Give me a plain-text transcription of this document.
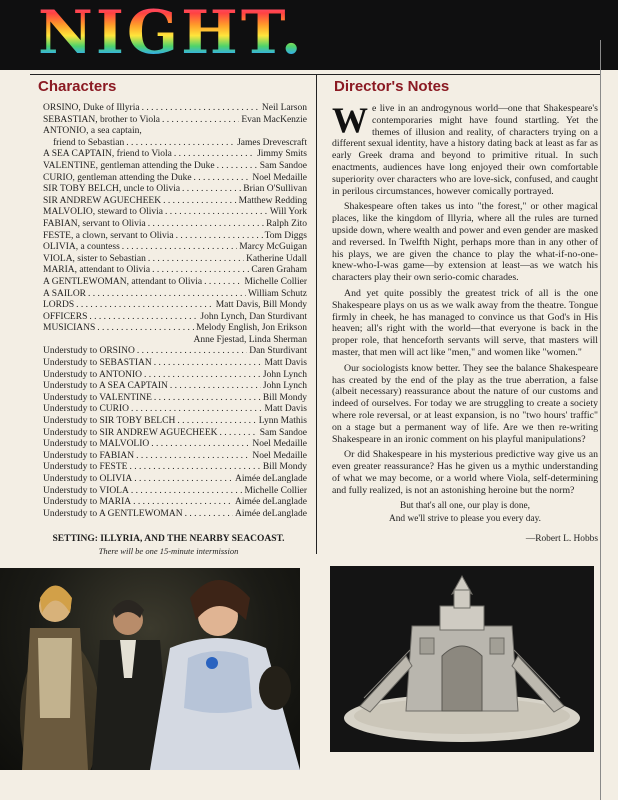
NIGHT.
Characters
ORSINO, Duke of Illyria . . .	Neil Larson
SEBASTIAN, brother to Viola . . .	Evan MacKenzie
ANTONIO, a sea captain,
friend to Sebastian . . .	James Drevescraft
A SEA CAPTAIN, friend to Viola . . .	Jimmy Smits
VALENTINE, gentleman attending the Duke . . .	Sam Sandoe
CURIO, gentleman attending the Duke . . .	Noel Medaille
SIR TOBY BELCH, uncle to Olivia . . .	Brian O'Sullivan
SIR ANDREW AGUECHEEK . . .	Matthew Redding
MALVOLIO, steward to Olivia . . .	Will York
FABIAN, servant to Olivia . . .	Ralph Zito
FESTE, a clown, servant to Olivia . . .	Tom Diggs
OLIVIA, a countess . . .	Marcy McGuigan
VIOLA, sister to Sebastian . . .	Katherine Udall
MARIA, attendant to Olivia . . .	Caren Graham
A GENTLEWOMAN, attendant to Olivia . . .	Michelle Collier
A SAILOR . . .	William Schutz
LORDS . . .	Matt Davis, Bill Mondy
OFFICERS . . .	John Lynch, Dan Sturdivant
MUSICIANS . . .	Melody English, Jon Erikson
Anne Fjestad, Linda Sherman
Understudy to ORSINO . . .	Dan Sturdivant
Understudy to SEBASTIAN . . .	Matt Davis
Understudy to ANTONIO . . .	John Lynch
Understudy to A SEA CAPTAIN . . .	John Lynch
Understudy to VALENTINE . . .	Bill Mondy
Understudy to CURIO . . .	Matt Davis
Understudy to SIR TOBY BELCH . . .	Lynn Mathis
Understudy to SIR ANDREW AGUECHEEK . . .	Sam Sandoe
Understudy to MALVOLIO . . .	Noel Medaille
Understudy to FABIAN . . .	Noel Medaille
Understudy to FESTE . . .	Bill Mondy
Understudy to OLIVIA . . .	Aimée deLanglade
Understudy to VIOLA . . .	Michelle Collier
Understudy to MARIA . . .	Aimée deLanglade
Understudy to A GENTLEWOMAN . . .	Aimée deLanglade
SETTING: ILLYRIA, AND THE NEARBY SEACOAST.
There will be one 15-minute intermission
Director's Notes

We live in an androgynous world—one that Shakespeare's contemporaries might have found startling. Yet the themes of illusion and reality, of characters trying on a different sexual identity, have a history dating back at least as far as early Greek drama and beyond to primitive ritual. In such enactments, audiences have long enjoyed their own comfortable superiority over characters who are love-sick, confused, and caught in perilous circumstances, however comically portrayed.

Shakespeare often takes us into "the forest," or other magical places, like the kingdom of Illyria, where all the rules are turned upside down, where wealth and power and even gender are masked and reversed. In Twelfth Night, perhaps more than in any other of his plays, we are given the chance to play the what-if-no-one-knew-who-I-was game—by extension at least—as we watch his characters play their own serio-comic charades.

And yet quite possibly the greatest trick of all is the one Shakespeare plays on us as we walk away from the theatre. Tongue firmly in cheek, he has managed to convince us that God's in His heaven; all's right with the world—that everyone is back in the proper role, that henceforth servants will serve, that masters will master, that men will act like "men," and women like "women."

Our sociologists know better. They see the balance Shakespeare has created by the end of the play as the true aberration, a false (albeit necessary) reassurance about the nature of our customs and indeed of ourselves. For today we are struggling to create a society where role reversal, or at least expansion, is no "two hours' traffic" on a stage but a permanent way of life. Are we then re-writing Shakespeare in an ironic comment on his playful manipulations?

Or did Shakespeare in his mysterious predictive way give us an even greater reassurance? Has he given us a mythic understanding of what we may become, or a world where Viola, self-determining and fully realized, is not an astonishing heroine but the norm?

But that's all one, our play is done,
And we'll strive to please you every day.
—Robert L. Hobbs
